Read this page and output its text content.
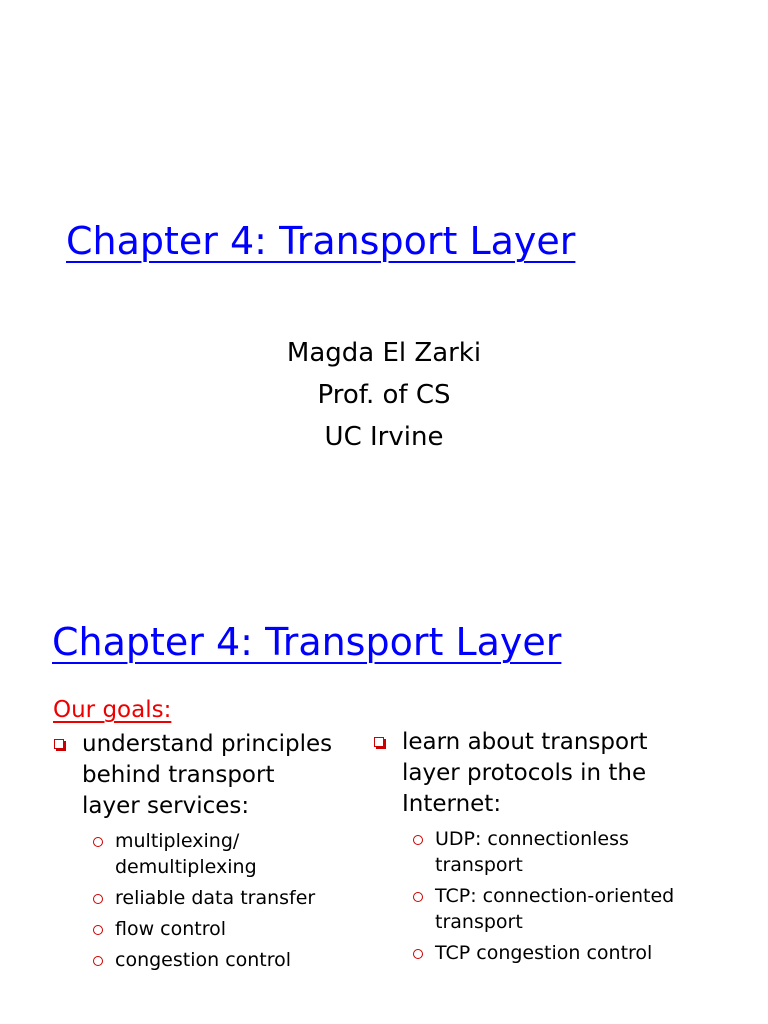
Chapter 4: Transport Layer
Magda El Zarki
Prof. of CS
UC Irvine
Chapter 4: Transport Layer
Our goals:
understand principles
behind transport
layer services:
multiplexing/
demultiplexing
reliable data transfer
flow control
congestion control
learn about transport
layer protocols in the
Internet:
UDP: connectionless
transport
TCP: connection-oriented
transport
TCP congestion control
